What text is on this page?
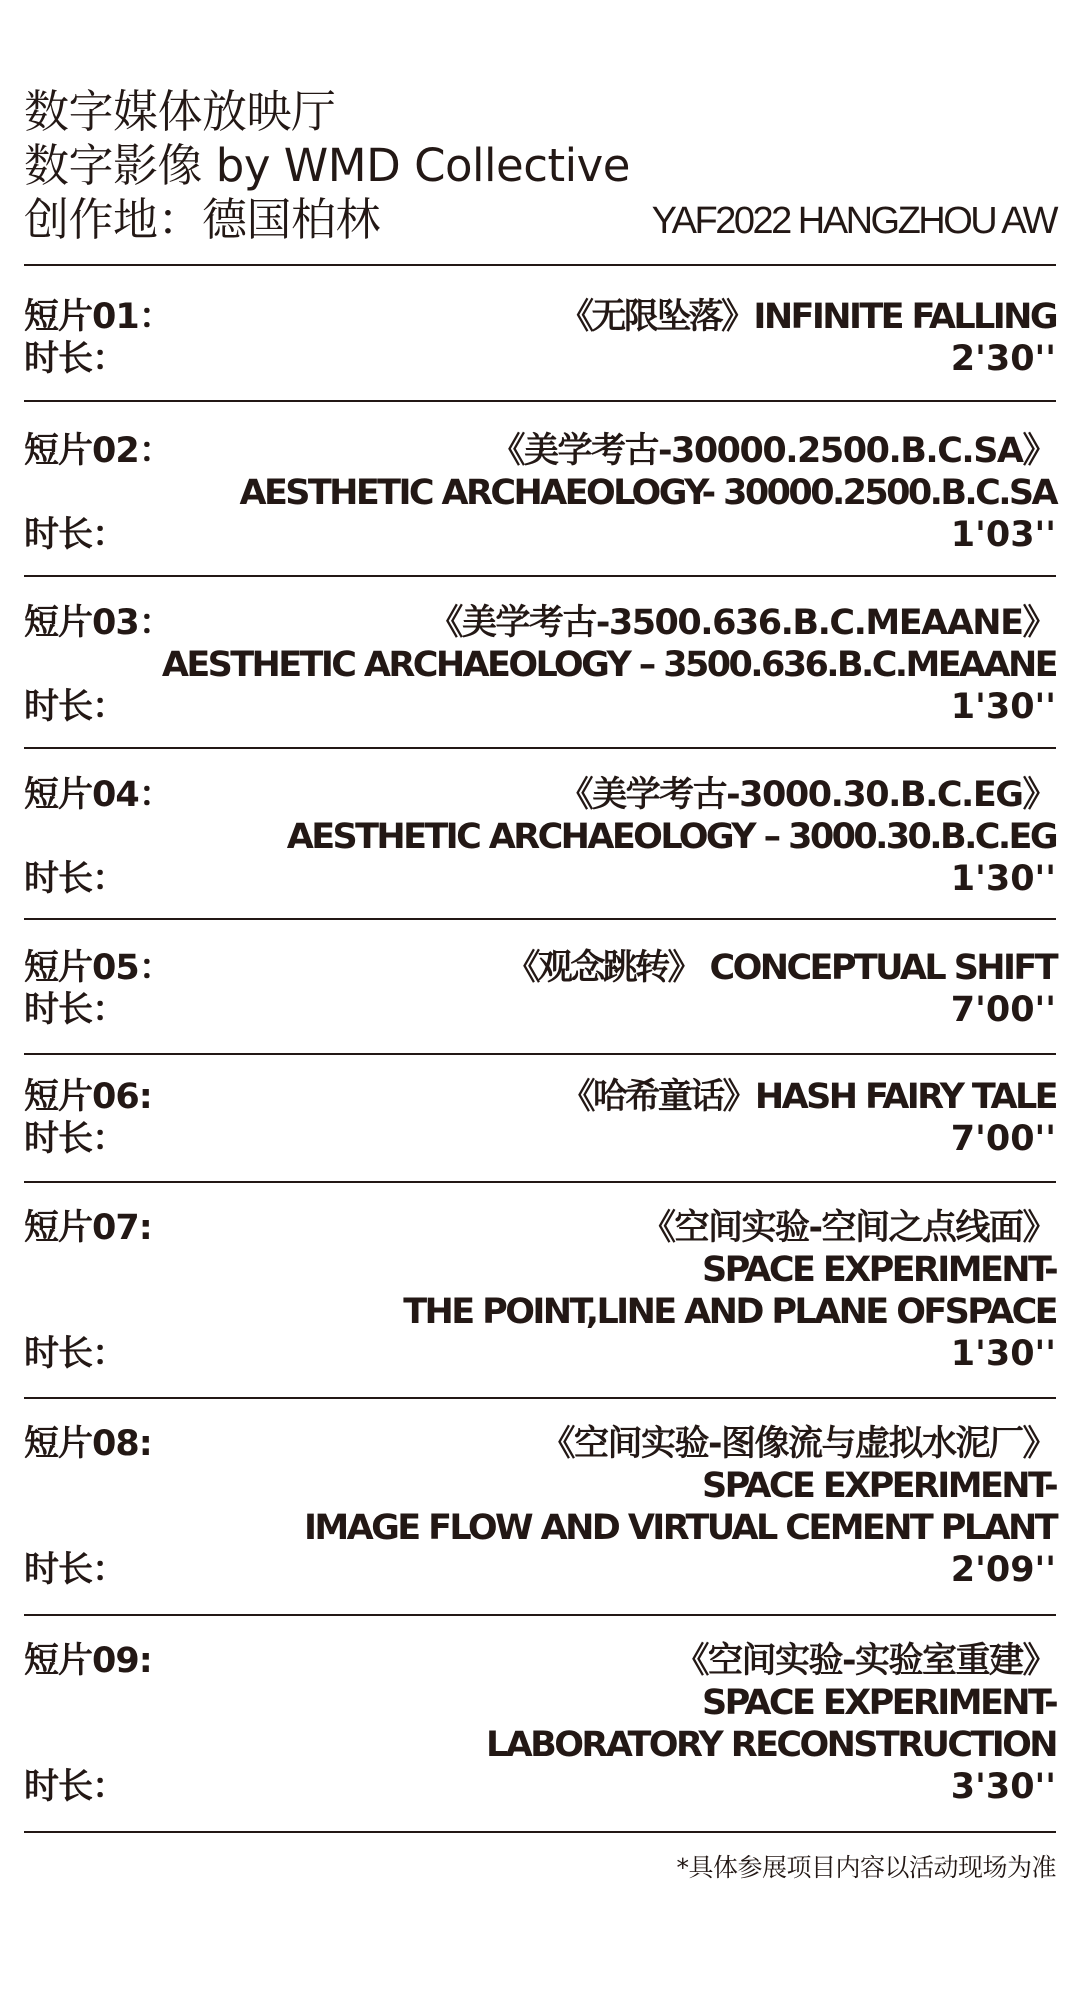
数字媒体放映厅
数字影像 by WMD Collective
创作地：德国柏林	YAF2022 HANGZHOU AW
短片01：	《无限坠落》INFINITE FALLING
时长：	2'30''
短片02：	《美学考古-30000.2500.B.C.SA》
AESTHETIC ARCHAEOLOGY- 30000.2500.B.C.SA
时长：	1'03''
短片03：	《美学考古-3500.636.B.C.MEAANE》
AESTHETIC ARCHAEOLOGY – 3500.636.B.C.MEAANE
时长：	1'30''
短片04：	《美学考古-3000.30.B.C.EG》
AESTHETIC ARCHAEOLOGY – 3000.30.B.C.EG
时长：	1'30''
短片05：	《观念跳转》 CONCEPTUAL SHIFT
时长：	7'00''
短片06:	《哈希童话》HASH FAIRY TALE
时长：	7'00''
短片07:	《空间实验-空间之点线面》
SPACE EXPERIMENT-
THE POINT,LINE AND PLANE OFSPACE
时长：	1'30''
短片08:	《空间实验-图像流与虚拟水泥厂》
SPACE EXPERIMENT-
IMAGE FLOW AND VIRTUAL CEMENT PLANT
时长：	2'09''
短片09:	《空间实验-实验室重建》
SPACE EXPERIMENT-
LABORATORY RECONSTRUCTION
时长：	3'30''
*具体参展项目内容以活动现场为准
